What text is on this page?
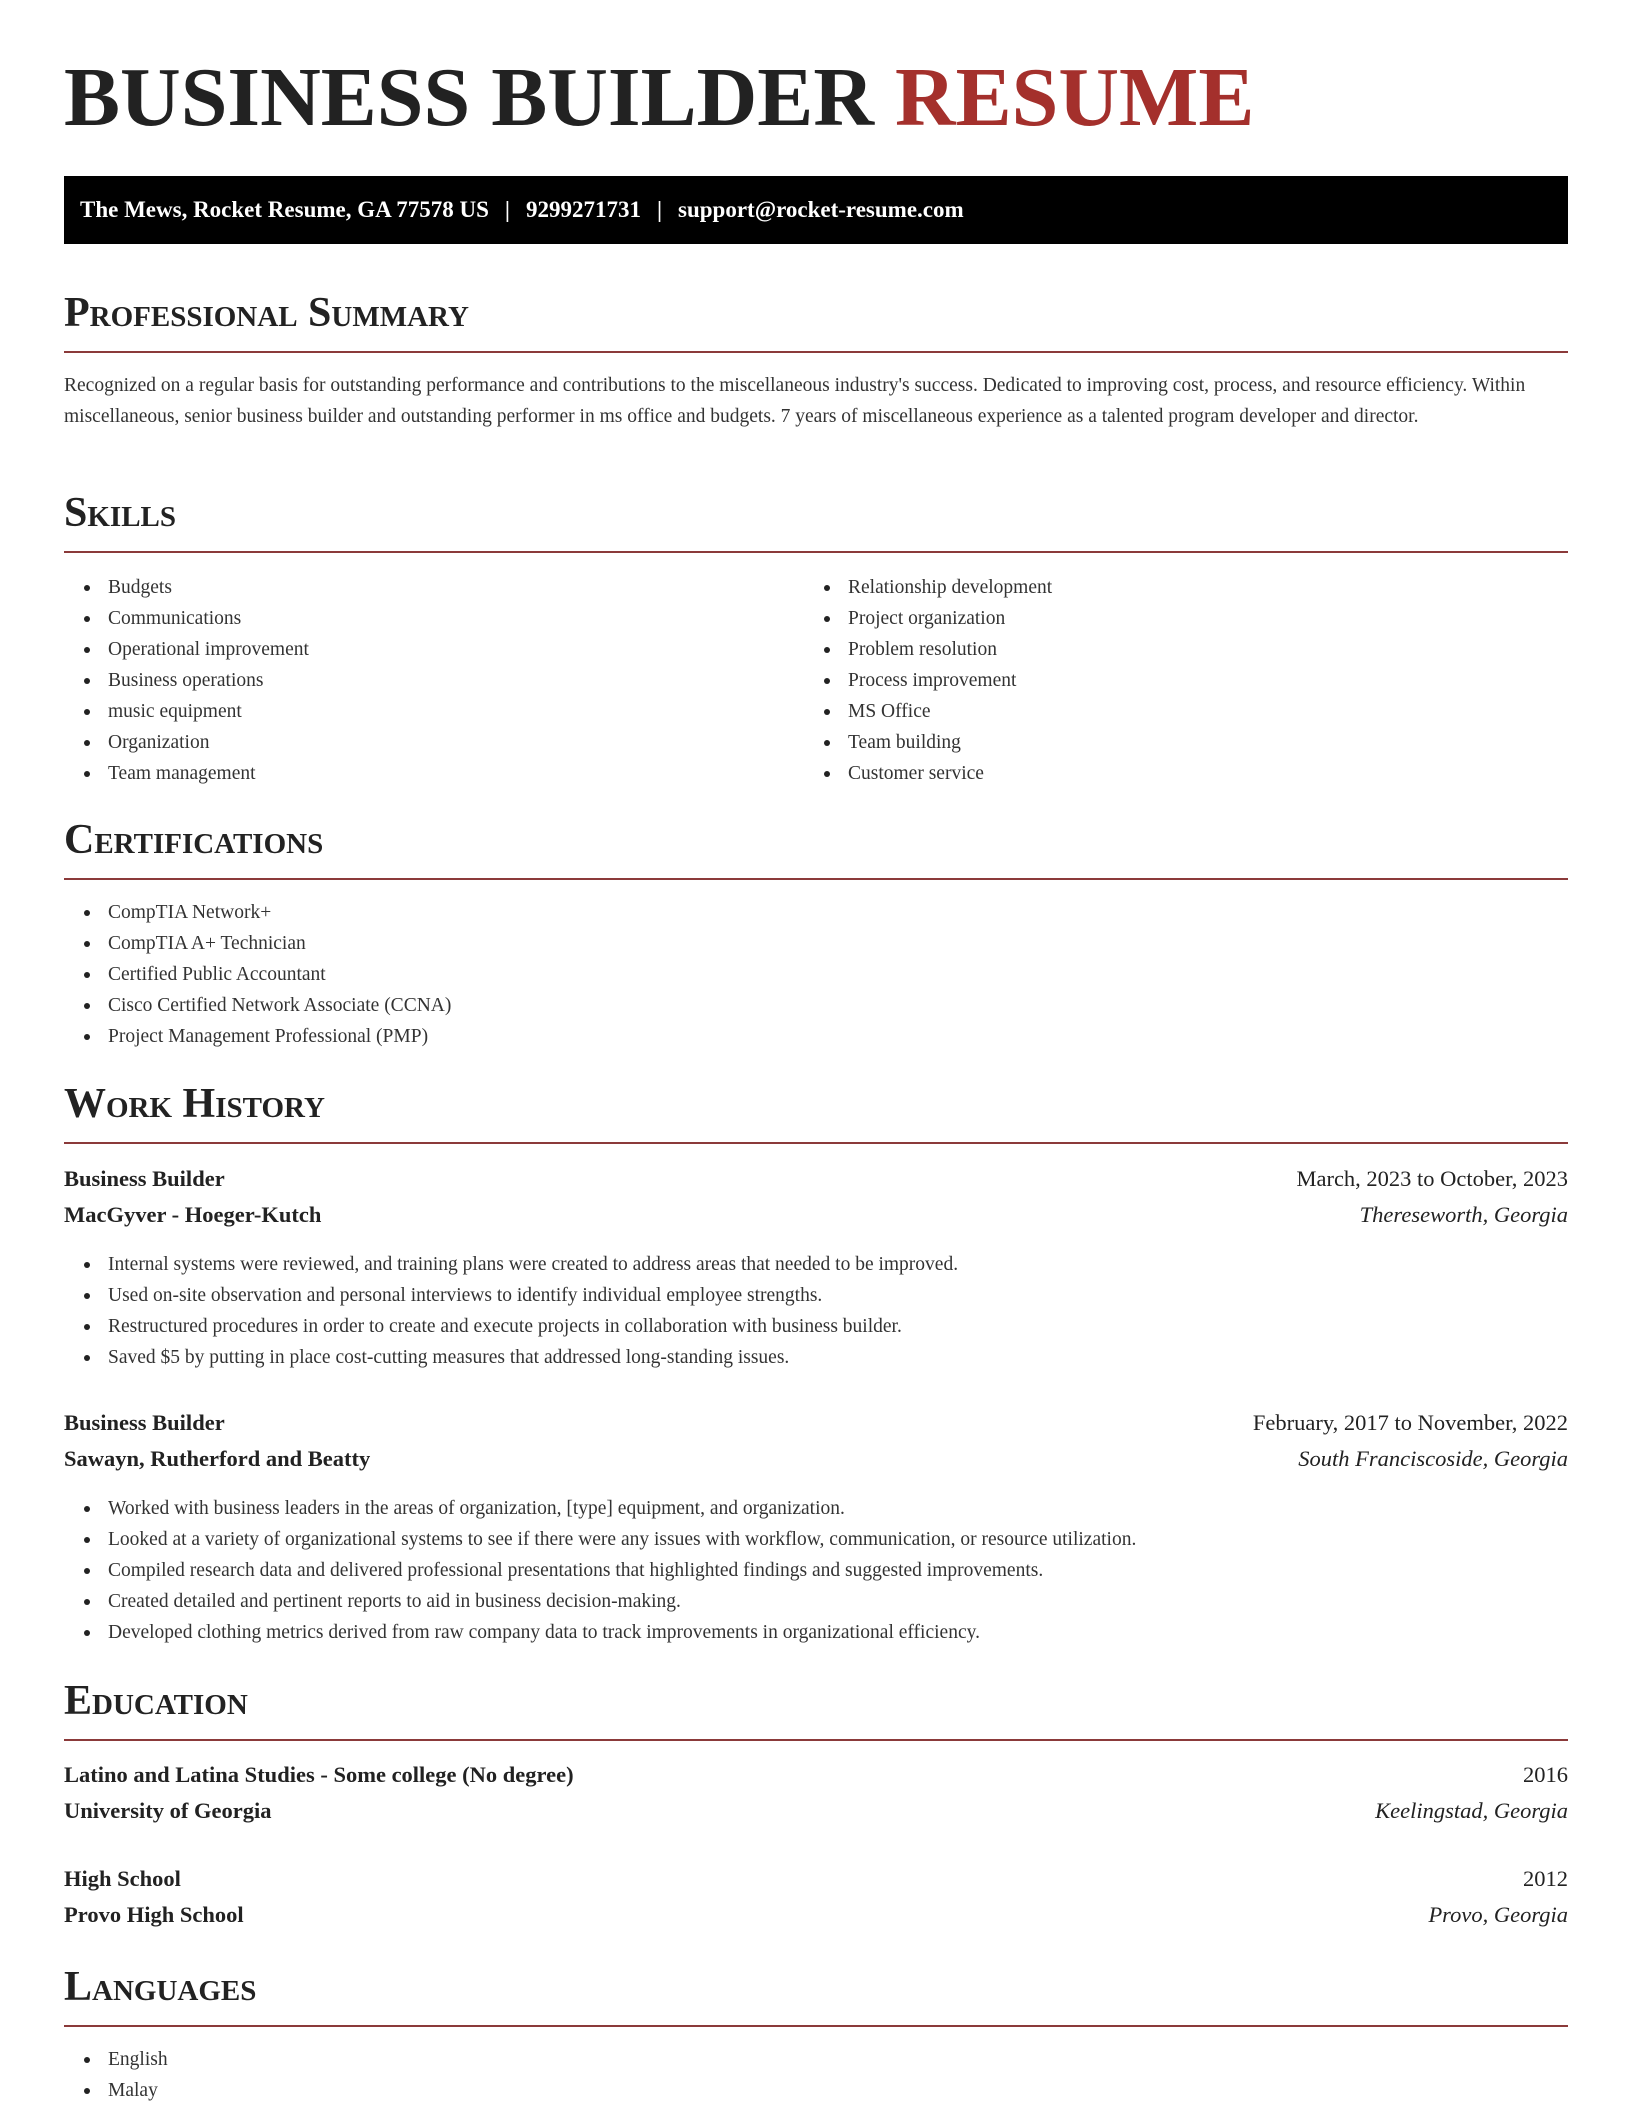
BUSINESS BUILDER RESUME
The Mews, Rocket Resume, GA 77578 US | 9299271731 | support@rocket-resume.com
Professional Summary

Recognized on a regular basis for outstanding performance and contributions to the miscellaneous industry's success. Dedicated to improving cost, process, and resource efficiency. Within miscellaneous, senior business builder and outstanding performer in ms office and budgets. 7 years of miscellaneous experience as a talented program developer and director.

Skills
Budgets
Communications
Operational improvement
Business operations
music equipment
Organization
Team management
Relationship development
Project organization
Problem resolution
Process improvement
MS Office
Team building
Customer service
Certifications
CompTIA Network+
CompTIA A+ Technician
Certified Public Accountant
Cisco Certified Network Associate (CCNA)
Project Management Professional (PMP)
Work History
Business Builder	March, 2023 to October, 2023
MacGyver - Hoeger-Kutch	Thereseworth, Georgia
Internal systems were reviewed, and training plans were created to address areas that needed to be improved.
Used on-site observation and personal interviews to identify individual employee strengths.
Restructured procedures in order to create and execute projects in collaboration with business builder.
Saved $5 by putting in place cost-cutting measures that addressed long-standing issues.
Business Builder	February, 2017 to November, 2022
Sawayn, Rutherford and Beatty	South Franciscoside, Georgia
Worked with business leaders in the areas of organization, [type] equipment, and organization.
Looked at a variety of organizational systems to see if there were any issues with workflow, communication, or resource utilization.
Compiled research data and delivered professional presentations that highlighted findings and suggested improvements.
Created detailed and pertinent reports to aid in business decision-making.
Developed clothing metrics derived from raw company data to track improvements in organizational efficiency.
Education
Latino and Latina Studies - Some college (No degree)	2016
University of Georgia	Keelingstad, Georgia
High School	2012
Provo High School	Provo, Georgia
Languages
English
Malay
